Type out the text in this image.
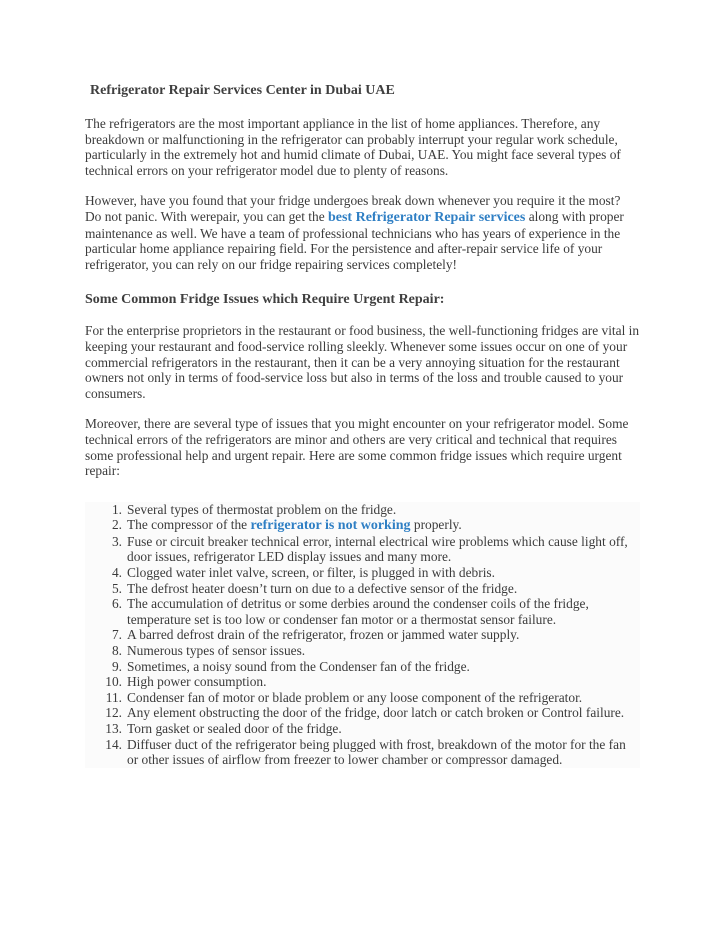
Refrigerator Repair Services Center in Dubai UAE

The refrigerators are the most important appliance in the list of home appliances. Therefore, any breakdown or malfunctioning in the refrigerator can probably interrupt your regular work schedule, particularly in the extremely hot and humid climate of Dubai, UAE. You might face several types of technical errors on your refrigerator model due to plenty of reasons.

However, have you found that your fridge undergoes break down whenever you require it the most? Do not panic. With werepair, you can get the best Refrigerator Repair services along with proper maintenance as well. We have a team of professional technicians who has years of experience in the particular home appliance repairing field. For the persistence and after-repair service life of your refrigerator, you can rely on our fridge repairing services completely!

Some Common Fridge Issues which Require Urgent Repair:

For the enterprise proprietors in the restaurant or food business, the well-functioning fridges are vital in keeping your restaurant and food-service rolling sleekly. Whenever some issues occur on one of your commercial refrigerators in the restaurant, then it can be a very annoying situation for the restaurant owners not only in terms of food-service loss but also in terms of the loss and trouble caused to your consumers.

Moreover, there are several type of issues that you might encounter on your refrigerator model. Some technical errors of the refrigerators are minor and others are very critical and technical that requires some professional help and urgent repair. Here are some common fridge issues which require urgent repair:

1. Several types of thermostat problem on the fridge.
2. The compressor of the refrigerator is not working properly.
3. Fuse or circuit breaker technical error, internal electrical wire problems which cause light off, door issues, refrigerator LED display issues and many more.
4. Clogged water inlet valve, screen, or filter, is plugged in with debris.
5. The defrost heater doesn’t turn on due to a defective sensor of the fridge.
6. The accumulation of detritus or some derbies around the condenser coils of the fridge, temperature set is too low or condenser fan motor or a thermostat sensor failure.
7. A barred defrost drain of the refrigerator, frozen or jammed water supply.
8. Numerous types of sensor issues.
9. Sometimes, a noisy sound from the Condenser fan of the fridge.
10. High power consumption.
11. Condenser fan of motor or blade problem or any loose component of the refrigerator.
12. Any element obstructing the door of the fridge, door latch or catch broken or Control failure.
13. Torn gasket or sealed door of the fridge.
14. Diffuser duct of the refrigerator being plugged with frost, breakdown of the motor for the fan or other issues of airflow from freezer to lower chamber or compressor damaged.
